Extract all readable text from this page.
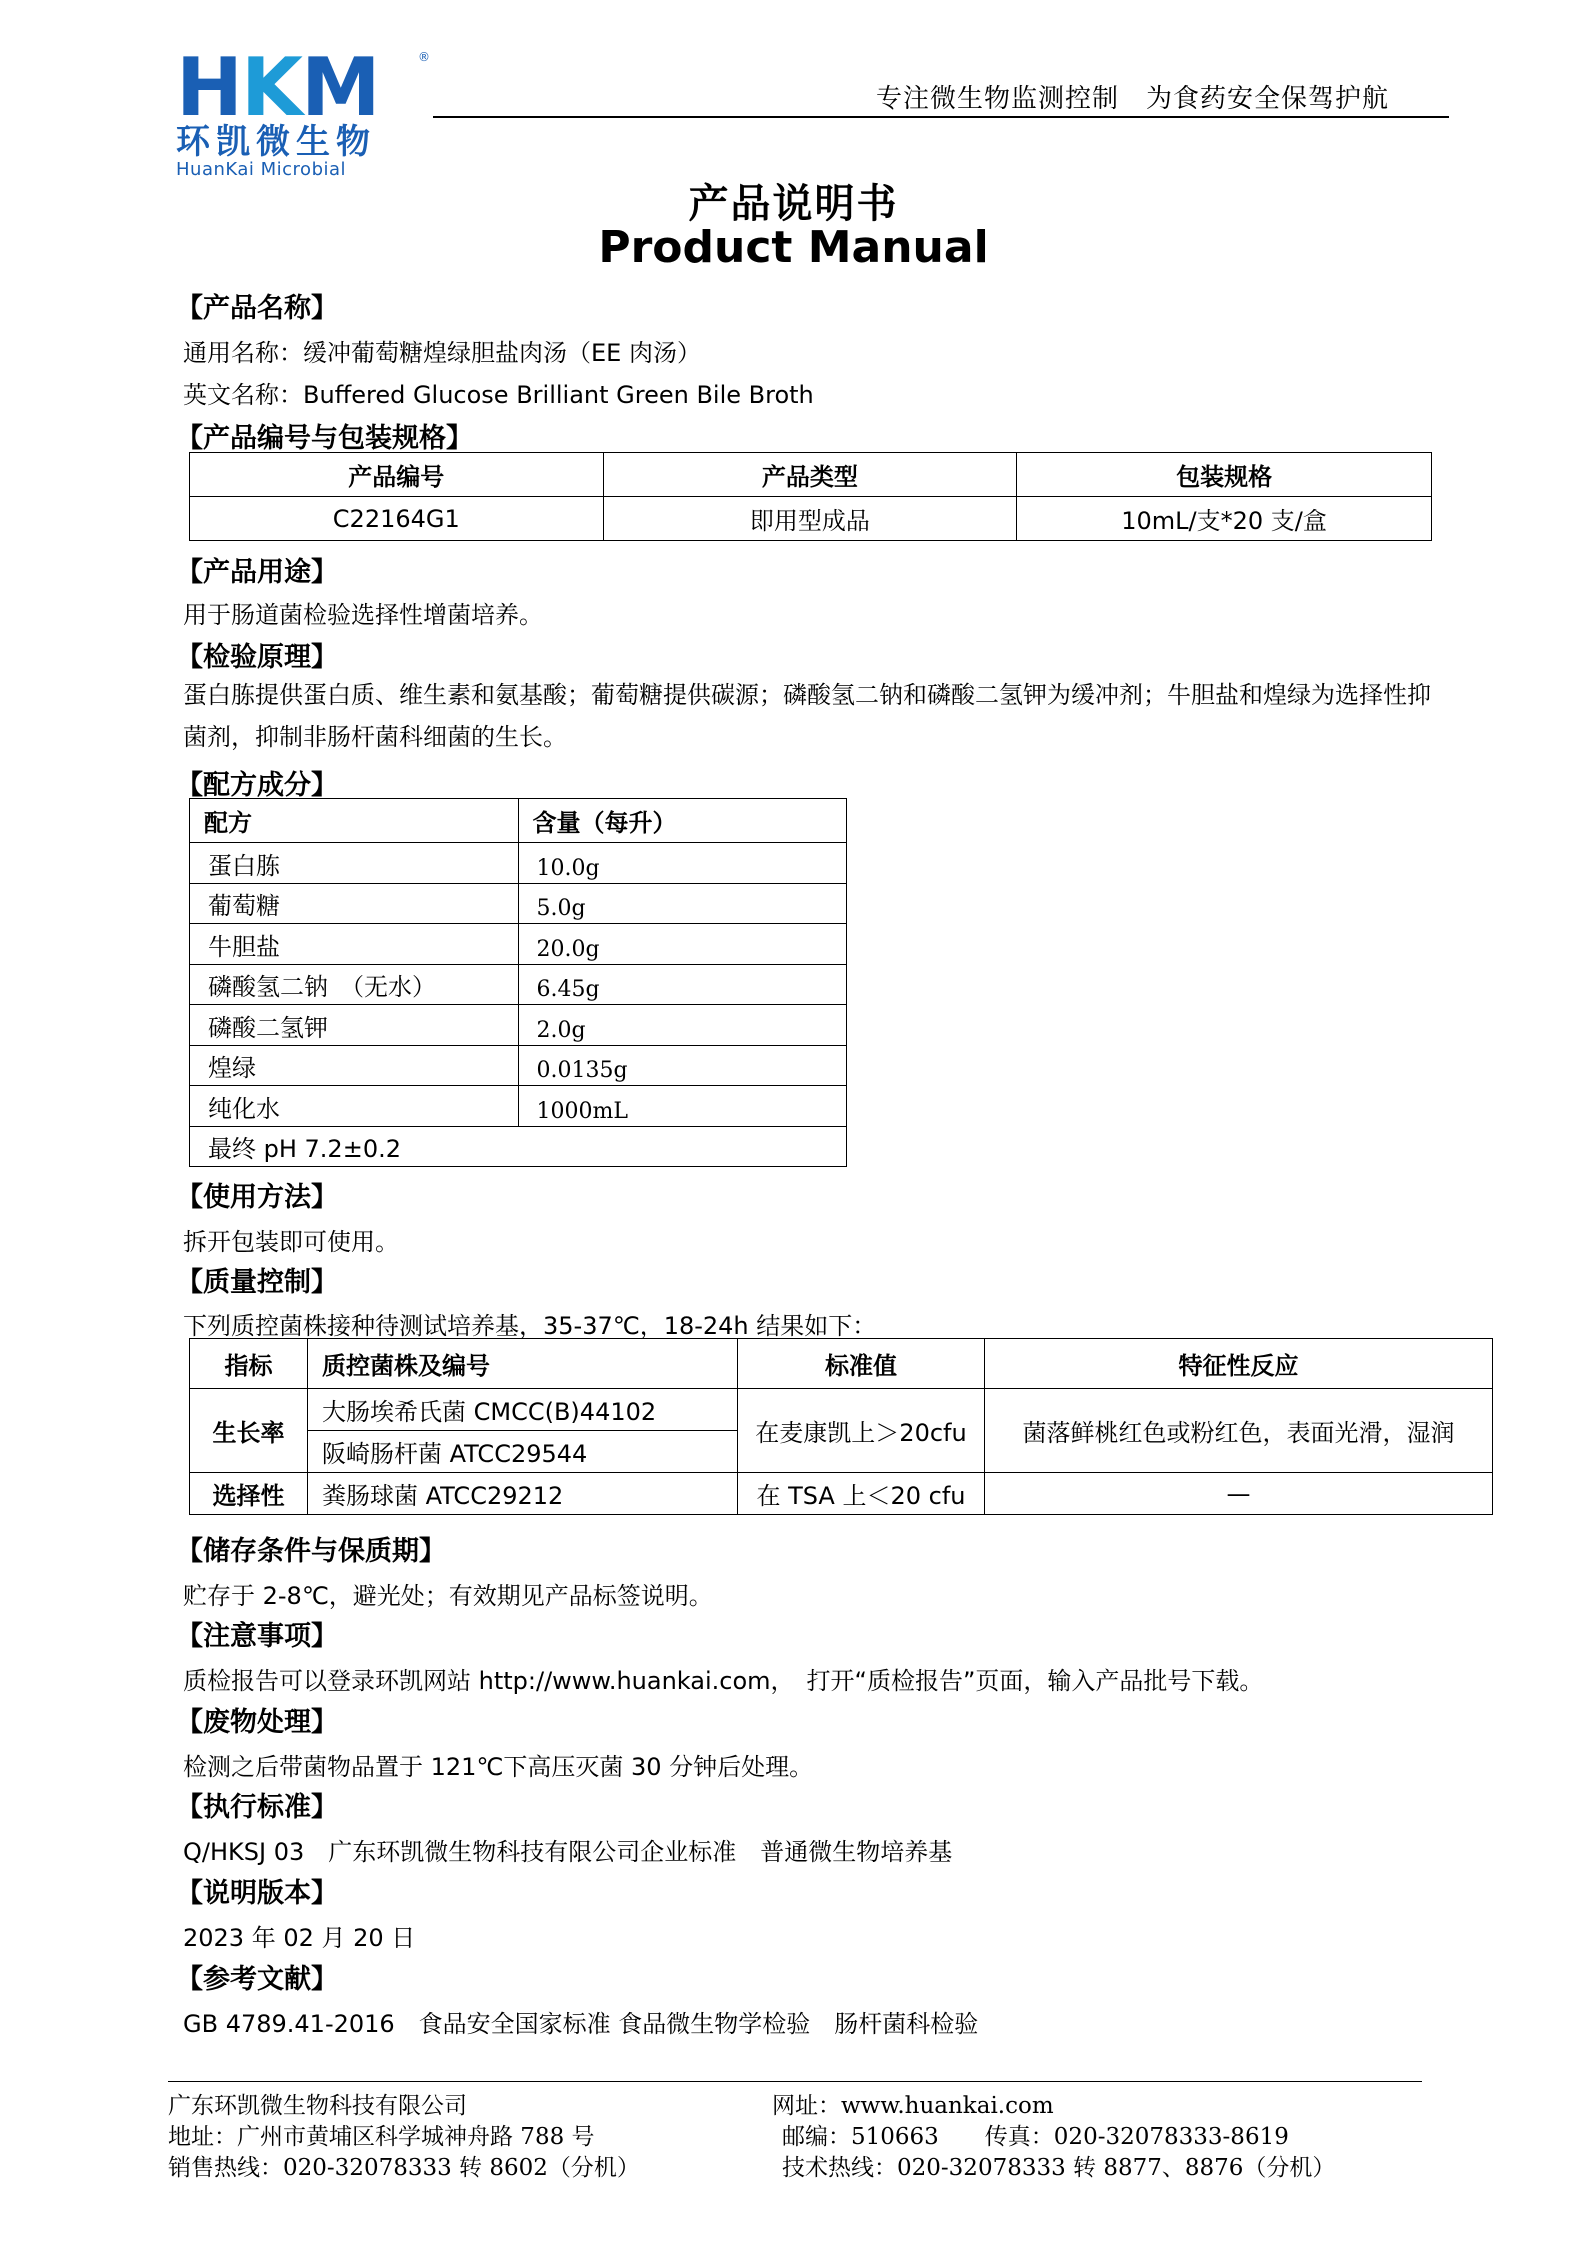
HKM	®
环凯微生物
HuanKai Microbial
专注微生物监测控制　为食药安全保驾护航
产品说明书
Product Manual
【产品名称】
通用名称：缓冲葡萄糖煌绿胆盐肉汤（EE 肉汤）
英文名称：Buffered Glucose Brilliant Green Bile Broth
【产品编号与包装规格】
产品编号	产品类型	包装规格
C22164G1	即用型成品	10mL/支*20 支/盒
【产品用途】
用于肠道菌检验选择性增菌培养。
【检验原理】
蛋白胨提供蛋白质、维生素和氨基酸；葡萄糖提供碳源；磷酸氢二钠和磷酸二氢钾为缓冲剂；牛胆盐和煌绿为选择性抑菌剂，抑制非肠杆菌科细菌的生长。
【配方成分】
配方	含量（每升）
蛋白胨	10.0g
葡萄糖	5.0g
牛胆盐	20.0g
磷酸氢二钠　（无水）	6.45g
磷酸二氢钾	2.0g
煌绿	0.0135g
纯化水	1000mL
最终 pH 7.2±0.2	
【使用方法】
拆开包装即可使用。
【质量控制】
下列质控菌株接种待测试培养基，35-37℃，18-24h 结果如下：
指标	质控菌株及编号	标准值	特征性反应
生长率	大肠埃希氏菌 CMCC(B)44102	在麦康凯上＞20cfu	菌落鲜桃红色或粉红色，表面光滑，湿润
	阪崎肠杆菌 ATCC29544		
选择性	粪肠球菌 ATCC29212	在 TSA 上＜20 cfu	—
【储存条件与保质期】
贮存于 2-8℃，避光处；有效期见产品标签说明。
【注意事项】
质检报告可以登录环凯网站 http://www.huankai.com，　打开“质检报告”页面，输入产品批号下载。
【废物处理】
检测之后带菌物品置于 121℃下高压灭菌 30 分钟后处理。
【执行标准】
Q/HKSJ 03　广东环凯微生物科技有限公司企业标准　普通微生物培养基
【说明版本】
2023 年 02 月 20 日
【参考文献】
GB 4789.41-2016　食品安全国家标准 食品微生物学检验　肠杆菌科检验
广东环凯微生物科技有限公司
地址：广州市黄埔区科学城神舟路 788 号
销售热线：020-32078333 转 8602（分机）
网址：www.huankai.com
邮编：510663　　传真：020-32078333-8619
技术热线：020-32078333 转 8877、8876（分机）
